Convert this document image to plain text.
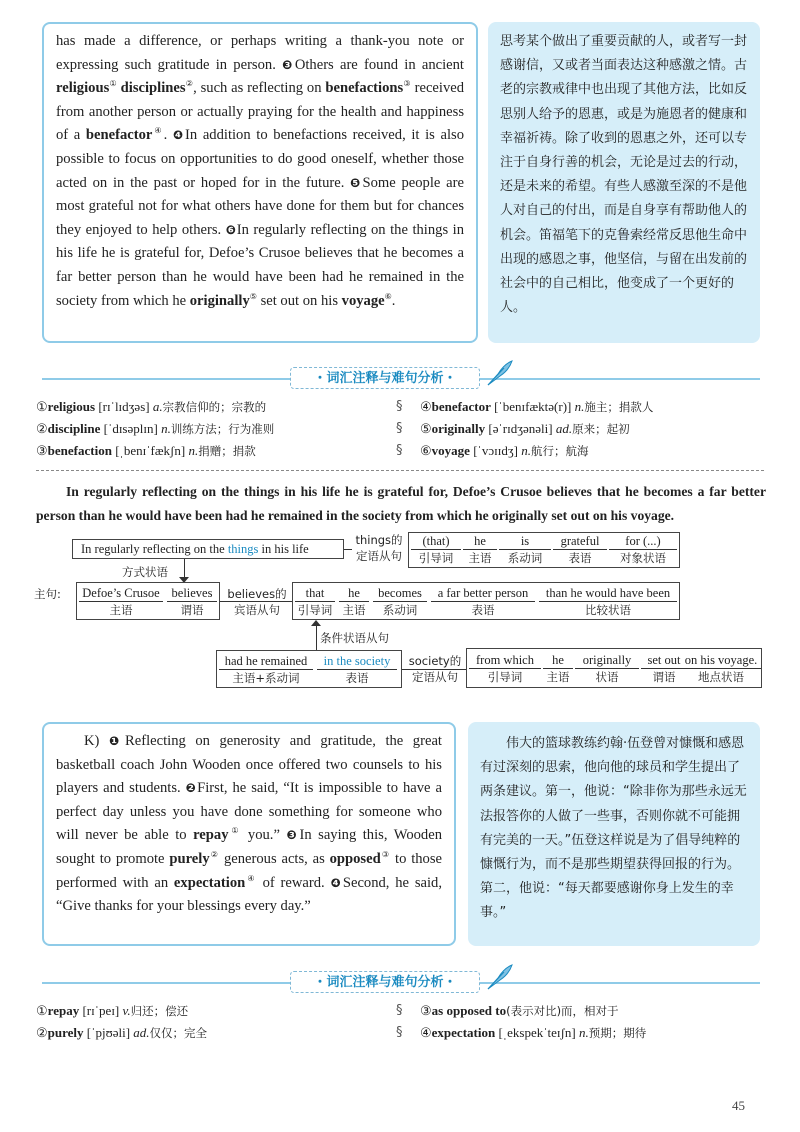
has made a difference, or perhaps writing a thank-you note or expressing such gratitude in person. ❸Others are found in ancient religious① disciplines②, such as reflecting on benefactions③ received from another person or actually praying for the health and happiness of a benefactor④. ❹In addition to benefactions received, it is also possible to focus on opportunities to do good oneself, whether those acted on in the past or hoped for in the future. ❺Some people are most grateful not for what others have done for them but for chances they enjoyed to help others. ❻In regularly reflecting on the things in his life he is grateful for, Defoe’s Crusoe believes that he becomes a far better person than he would have been had he remained in the society from which he originally⑤ set out on his voyage⑥.

思考某个做出了重要贡献的人，或者写一封感谢信，又或者当面表达这种感激之情。古老的宗教戒律中也出现了其他方法，比如反思别人给予的恩惠，或是为施恩者的健康和幸福祈祷。除了收到的恩惠之外，还可以专注于自身行善的机会，无论是过去的行动，还是未来的希望。有些人感激至深的不是他人对自己的付出，而是自身享有帮助他人的机会。笛福笔下的克鲁索经常反思他生命中出现的感恩之事，他坚信，与留在出发前的社会中的自己相比，他变成了一个更好的人。

・词汇注释与难句分析・
①religious [rɪˈlɪdʒəs] a.宗教信仰的；宗教的
②discipline [ˈdɪsəplɪn] n.训练方法；行为准则
③benefaction [ˌbenɪˈfækʃn] n.捐赠；捐款
§
§
§
④benefactor [ˈbenɪfæktə(r)] n.施主；捐款人
⑤originally [əˈrɪdʒənəli] ad.原来；起初
⑥voyage [ˈvɔɪɪdʒ] n.航行；航海
In regularly reflecting on the things in his life he is grateful for, Defoe’s Crusoe believes that he becomes a far better person than he would have been had he remained in the society from which he originally set out on his voyage.
In regularly reflecting on the things in his life
things的
定语从句
(that)
引导词
he
主语
is
系动词
grateful
表语
for (...)
对象状语
方式状语
主句:	Defoe’s Crusoe
主语
believes
谓语
believes的
宾语从句
that
引导词
he
主语
becomes
系动词
a far better person
表语
than he would have been
比较状语
条件状语从句
had he remained
主语+系动词
in the society
表语
society的
定语从句
from which
引导词
he
主语
originally
状语
set out
谓语
on his voyage.
地点状语

K) ❶Reflecting on generosity and gratitude, the great basketball coach John Wooden once offered two counsels to his players and students. ❷First, he said, “It is impossible to have a perfect day unless you have done something for someone who will never be able to repay① you.” ❸In saying this, Wooden sought to promote purely② generous acts, as opposed③ to those performed with an expectation④ of reward. ❹Second, he said, “Give thanks for your blessings every day.”

伟大的篮球教练约翰·伍登曾对慷慨和感恩有过深刻的思索，他向他的球员和学生提出了两条建议。第一，他说：“除非你为那些永远无法报答你的人做了一些事，否则你就不可能拥有完美的一天。”伍登这样说是为了倡导纯粹的慷慨行为，而不是那些期望获得回报的行为。第二，他说：“每天都要感谢你身上发生的幸事。”

・词汇注释与难句分析・
①repay [rɪˈpeɪ] v.归还；偿还
②purely [ˈpjʊəli] ad.仅仅；完全
§
§
③as opposed to(表示对比)而，相对于
④expectation [ˌekspekˈteɪʃn] n.预期；期待
45
